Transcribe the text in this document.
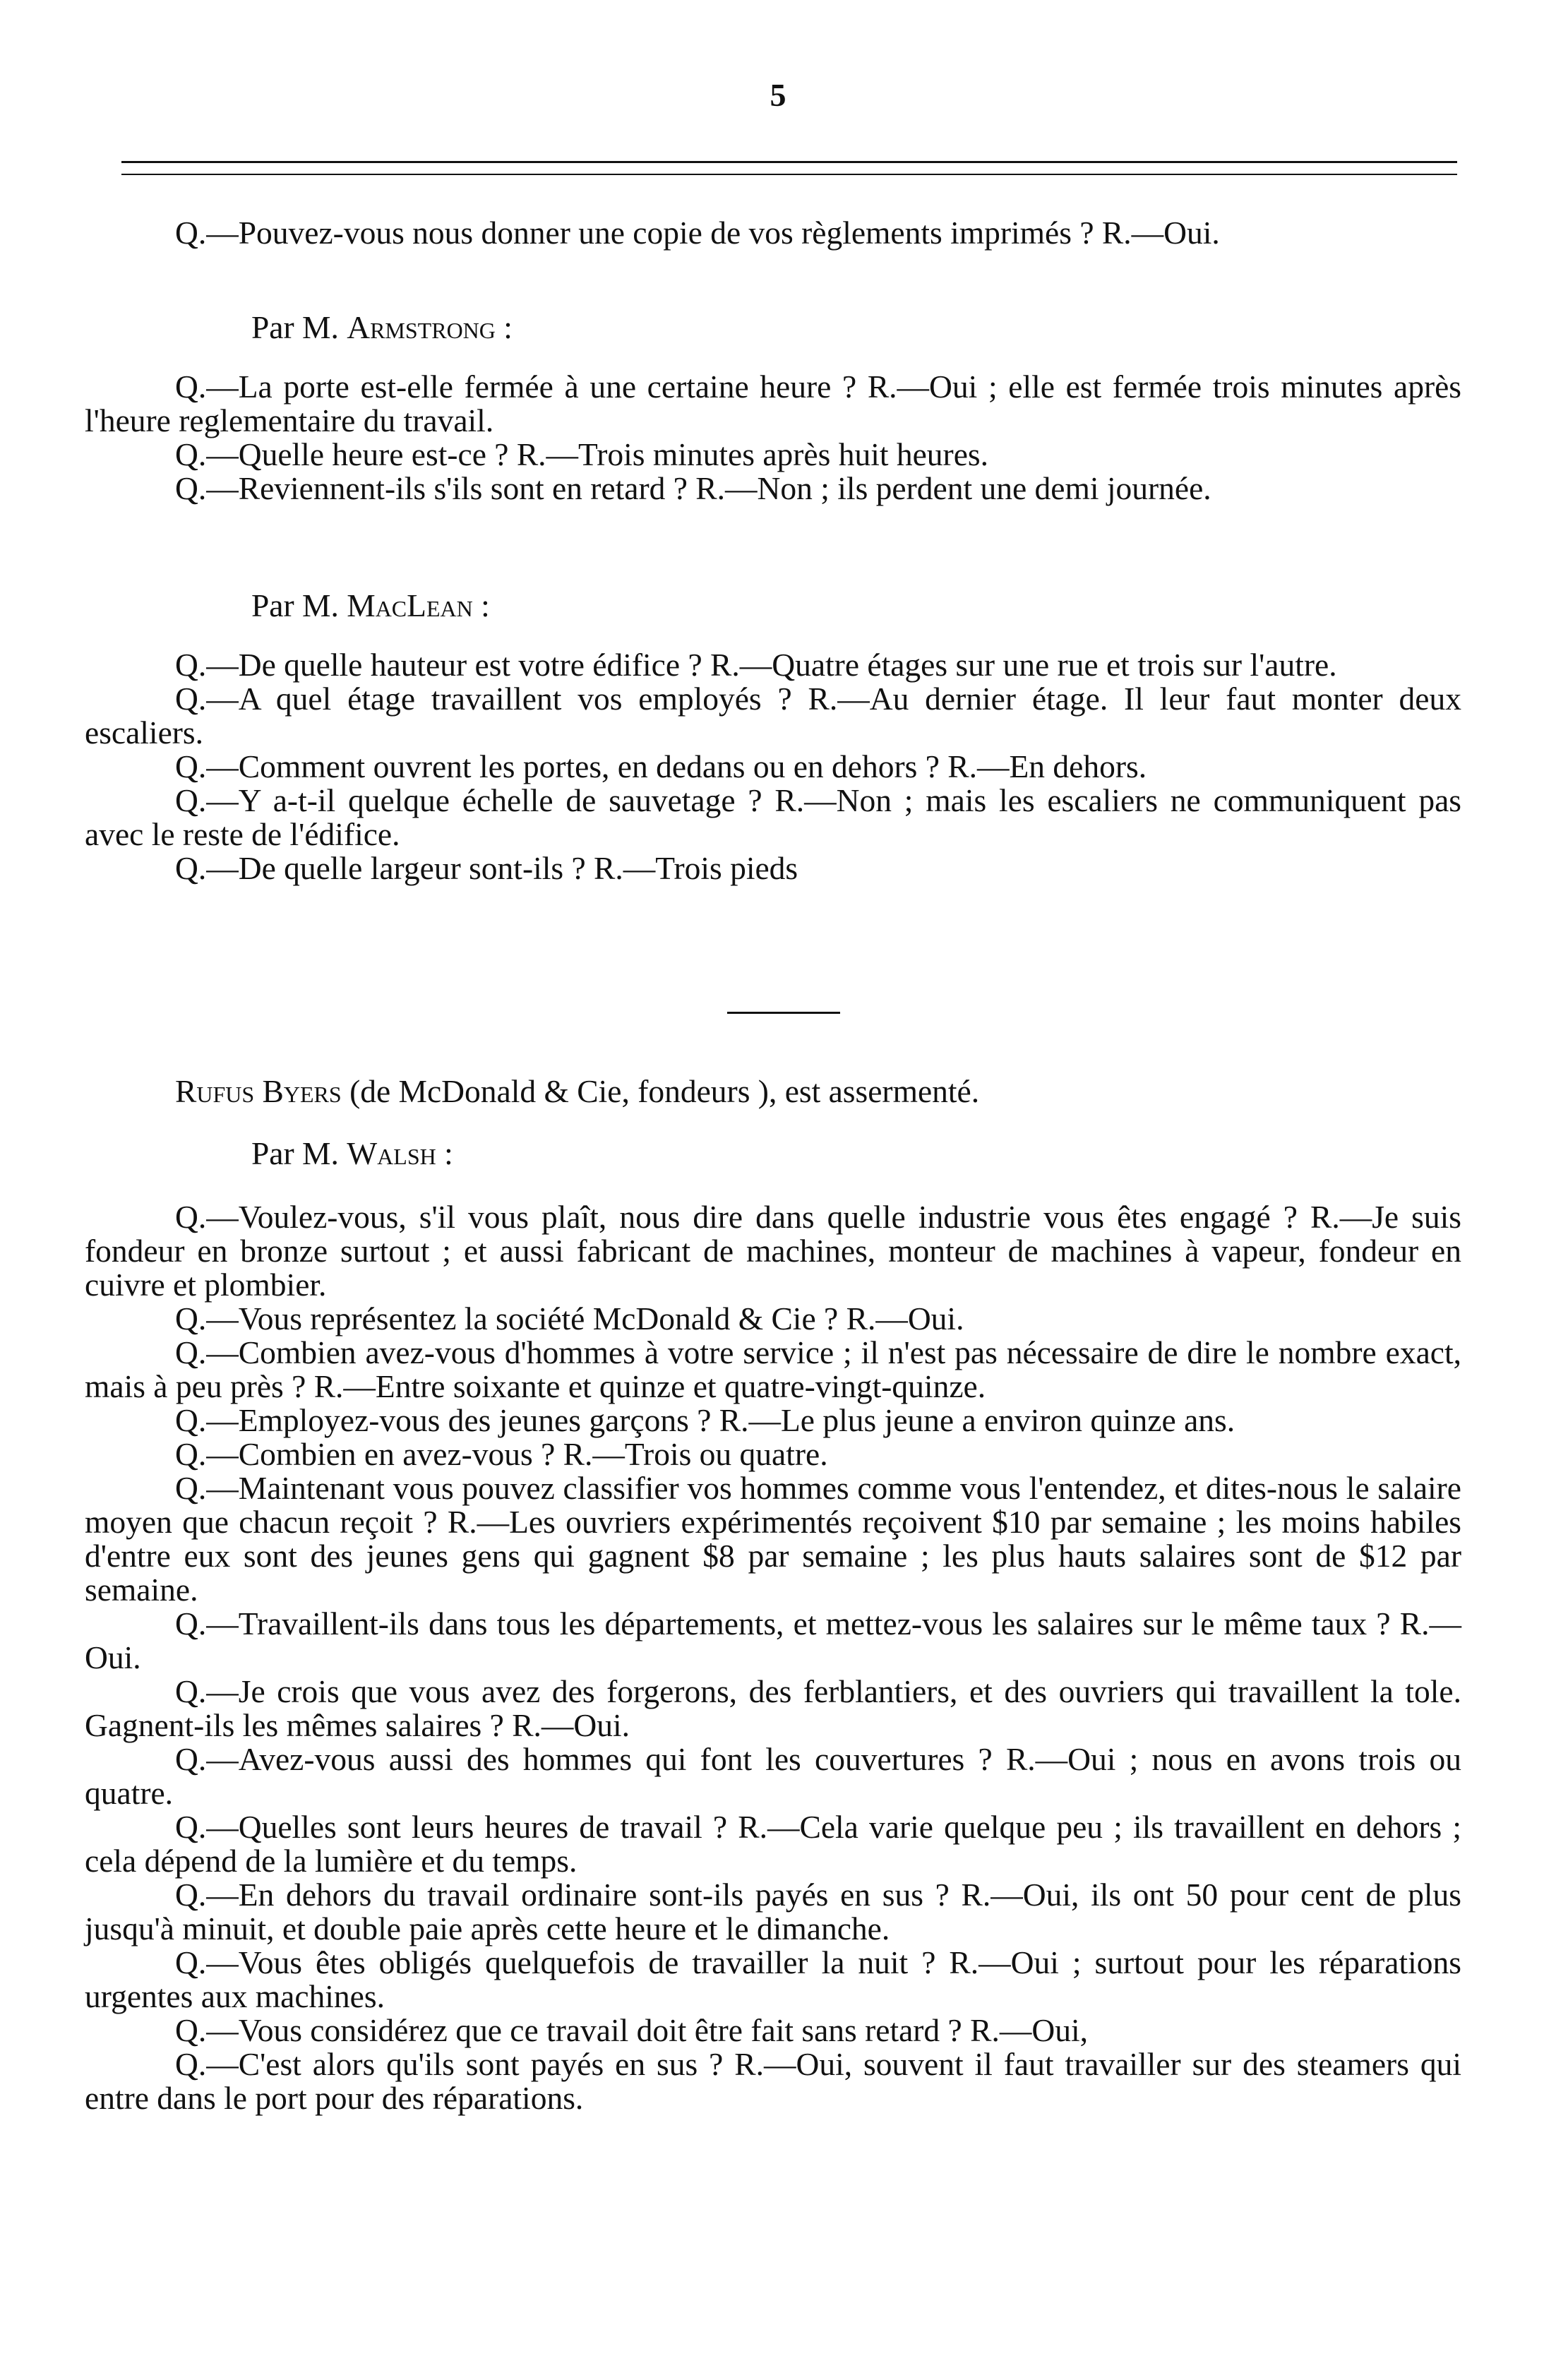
5

Q.—Pouvez-vous nous donner une copie de vos règlements imprimés ? R.—Oui.

Par M. Armstrong :

Q.—La porte est-elle fermée à une certaine heure ? R.—Oui ; elle est fermée trois minutes après l'heure reglementaire du travail.

Q.—Quelle heure est-ce ? R.—Trois minutes après huit heures.

Q.—Reviennent-ils s'ils sont en retard ? R.—Non ; ils perdent une demi journée.

Par M. MacLean :

Q.—De quelle hauteur est votre édifice ? R.—Quatre étages sur une rue et trois sur l'autre.

Q.—A quel étage travaillent vos employés ? R.—Au dernier étage. Il leur faut monter deux escaliers.

Q.—Comment ouvrent les portes, en dedans ou en dehors ? R.—En dehors.

Q.—Y a-t-il quelque échelle de sauvetage ? R.—Non ; mais les escaliers ne communiquent pas avec le reste de l'édifice.

Q.—De quelle largeur sont-ils ? R.—Trois pieds

Rufus Byers (de McDonald & Cie, fondeurs ), est assermenté.
Par M. Walsh :

Q.—Voulez-vous, s'il vous plaît, nous dire dans quelle industrie vous êtes engagé ? R.—Je suis fondeur en bronze surtout ; et aussi fabricant de machines, monteur de machines à vapeur, fondeur en cuivre et plombier.

Q.—Vous représentez la société McDonald & Cie ? R.—Oui.

Q.—Combien avez-vous d'hommes à votre service ; il n'est pas nécessaire de dire le nombre exact, mais à peu près ? R.—Entre soixante et quinze et quatre-vingt-quinze.

Q.—Employez-vous des jeunes garçons ? R.—Le plus jeune a environ quinze ans.

Q.—Combien en avez-vous ? R.—Trois ou quatre.

Q.—Maintenant vous pouvez classifier vos hommes comme vous l'entendez, et dites-nous le salaire moyen que chacun reçoit ? R.—Les ouvriers expérimentés reçoivent $10 par semaine ; les moins habiles d'entre eux sont des jeunes gens qui gagnent $8 par semaine ; les plus hauts salaires sont de $12 par semaine.

Q.—Travaillent-ils dans tous les départements, et mettez-vous les salaires sur le même taux ? R.—Oui.

Q.—Je crois que vous avez des forgerons, des ferblantiers, et des ouvriers qui travaillent la tole. Gagnent-ils les mêmes salaires ? R.—Oui.

Q.—Avez-vous aussi des hommes qui font les couvertures ? R.—Oui ; nous en avons trois ou quatre.

Q.—Quelles sont leurs heures de travail ? R.—Cela varie quelque peu ; ils travaillent en dehors ; cela dépend de la lumière et du temps.

Q.—En dehors du travail ordinaire sont-ils payés en sus ? R.—Oui, ils ont 50 pour cent de plus jusqu'à minuit, et double paie après cette heure et le dimanche.

Q.—Vous êtes obligés quelquefois de travailler la nuit ? R.—Oui ; surtout pour les réparations urgentes aux machines.

Q.—Vous considérez que ce travail doit être fait sans retard ? R.—Oui,

Q.—C'est alors qu'ils sont payés en sus ? R.—Oui, souvent il faut travailler sur des steamers qui entre dans le port pour des réparations.
